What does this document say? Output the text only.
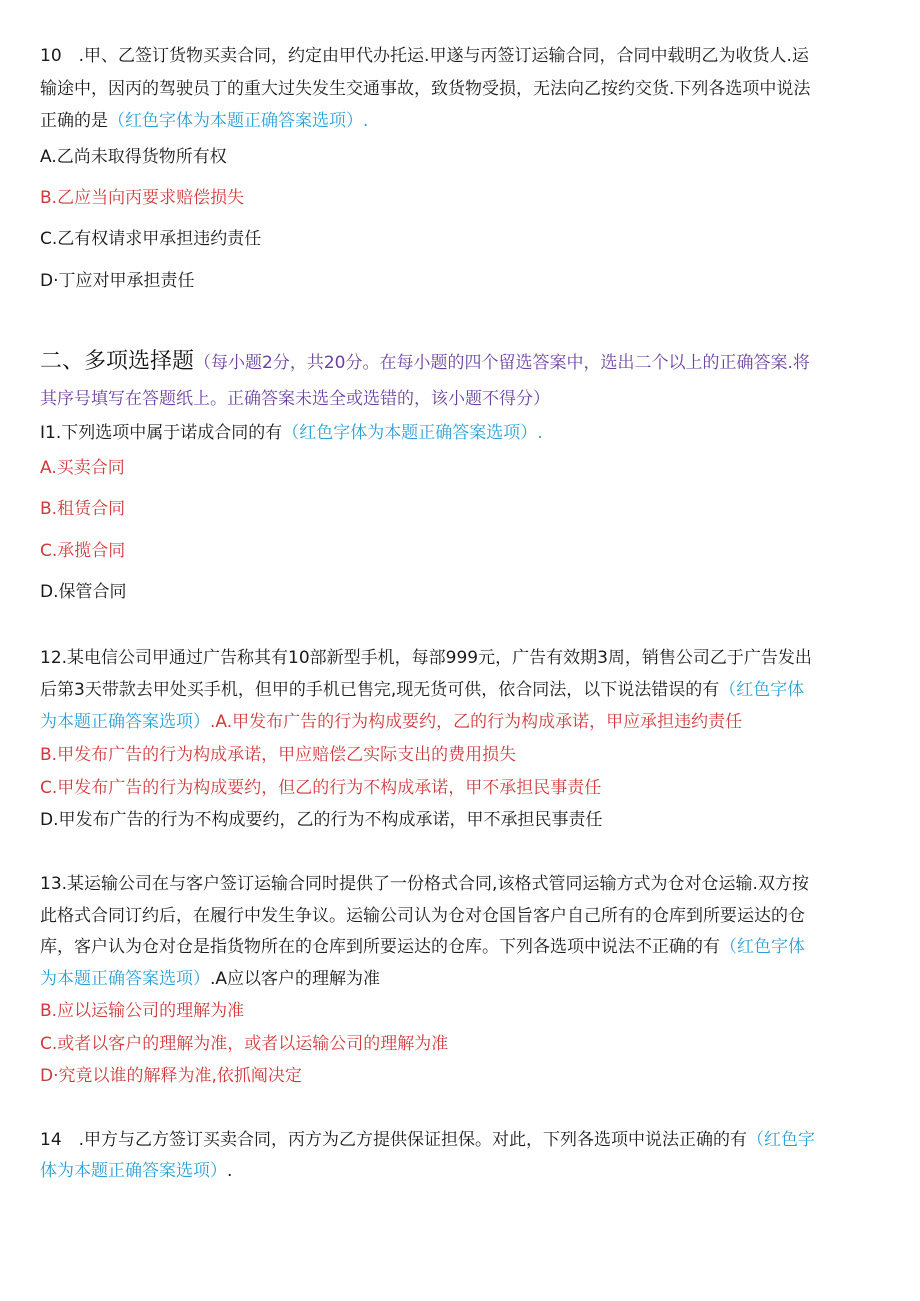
10　.甲、乙签订货物买卖合同，约定由甲代办托运.甲遂与丙签订运输合同，合同中载明乙为收货人.运
输途中，因丙的驾驶员丁的重大过失发生交通事故，致货物受损，无法向乙按约交货.下列各选项中说法
正确的是（红色字体为本题正确答案选项）.
A.乙尚未取得货物所有权
B.乙应当向丙要求赔偿损失
C.乙有权请求甲承担违约责任
D·丁应对甲承担责任
二、多项选择题（每小题2分，共20分。在每小题的四个留选答案中，选出二个以上的正确答案.将
其序号填写在答题纸上。正确答案未选全或选错的，该小题不得分）
I1.下列选项中属于诺成合同的有（红色字体为本题正确答案选项）.
A.买卖合同
B.租赁合同
C.承揽合同
D.保管合同
12.某电信公司甲通过广告称其有10部新型手机，每部999元，广告有效期3周，销售公司乙于广告发出
后第3天带款去甲处买手机，但甲的手机已售完,现无货可供，依合同法，以下说法错误的有（红色字体
为本题正确答案选项）.A.甲发布广告的行为构成要约，乙的行为构成承诺，甲应承担违约责任
B.甲发布广告的行为构成承诺，甲应赔偿乙实际支出的费用损失
C.甲发布广告的行为构成要约，但乙的行为不构成承诺，甲不承担民事责任
D.甲发布广告的行为不构成要约，乙的行为不构成承诺，甲不承担民事责任
13.某运输公司在与客户签订运输合同时提供了一份格式合同,该格式管同运输方式为仓对仓运输.双方按
此格式合同订约后，在履行中发生争议。运输公司认为仓对仓国旨客户自己所有的仓库到所要运达的仓
库，客户认为仓对仓是指货物所在的仓库到所要运达的仓库。下列各选项中说法不正确的有（红色字体
为本题正确答案选项）.A应以客户的理解为准
B.应以运输公司的理解为准
C.或者以客户的理解为准，或者以运输公司的理解为准
D·究竟以谁的解释为准,依抓阄决定
14　.甲方与乙方签订买卖合同，丙方为乙方提供保证担保。对此，下列各选项中说法正确的有（红色字
体为本题正确答案选项）.
